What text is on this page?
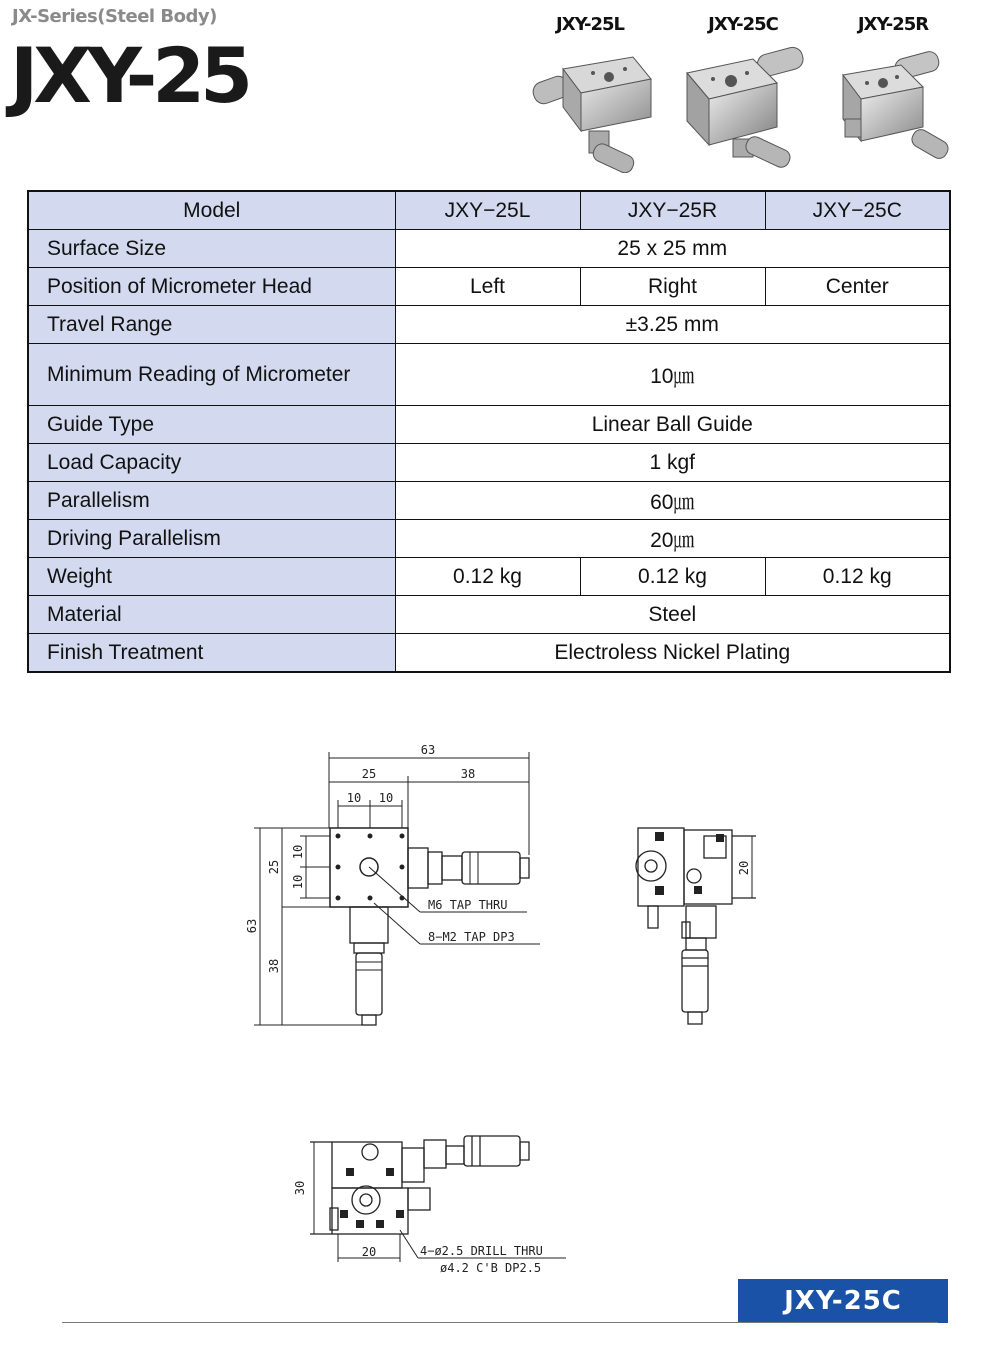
JX-Series(Steel Body)
JXY-25
JXY-25L	JXY-25C	JXY-25R
Model	JXY−25L	JXY−25R	JXY−25C
Surface Size	25 x 25 mm		
Position of Micrometer Head	Left	Right	Center
Travel Range	±3.25 mm		
Minimum Reading of Micrometer	10㎛		
Guide Type	Linear Ball Guide		
Load Capacity	1 kgf		
Parallelism	60㎛		
Driving Parallelism	20㎛		
Weight	0.12 kg	0.12 kg	0.12 kg
Material	Steel		
Finish Treatment	Electroless Nickel Plating		
63
25	38
10 10
63
25
38
10
10
M6 TAP THRU
8−M2 TAP DP3
20
30
20	4−ø2.5 DRILL THRU
ø4.2 C'B DP2.5
JXY-25C
